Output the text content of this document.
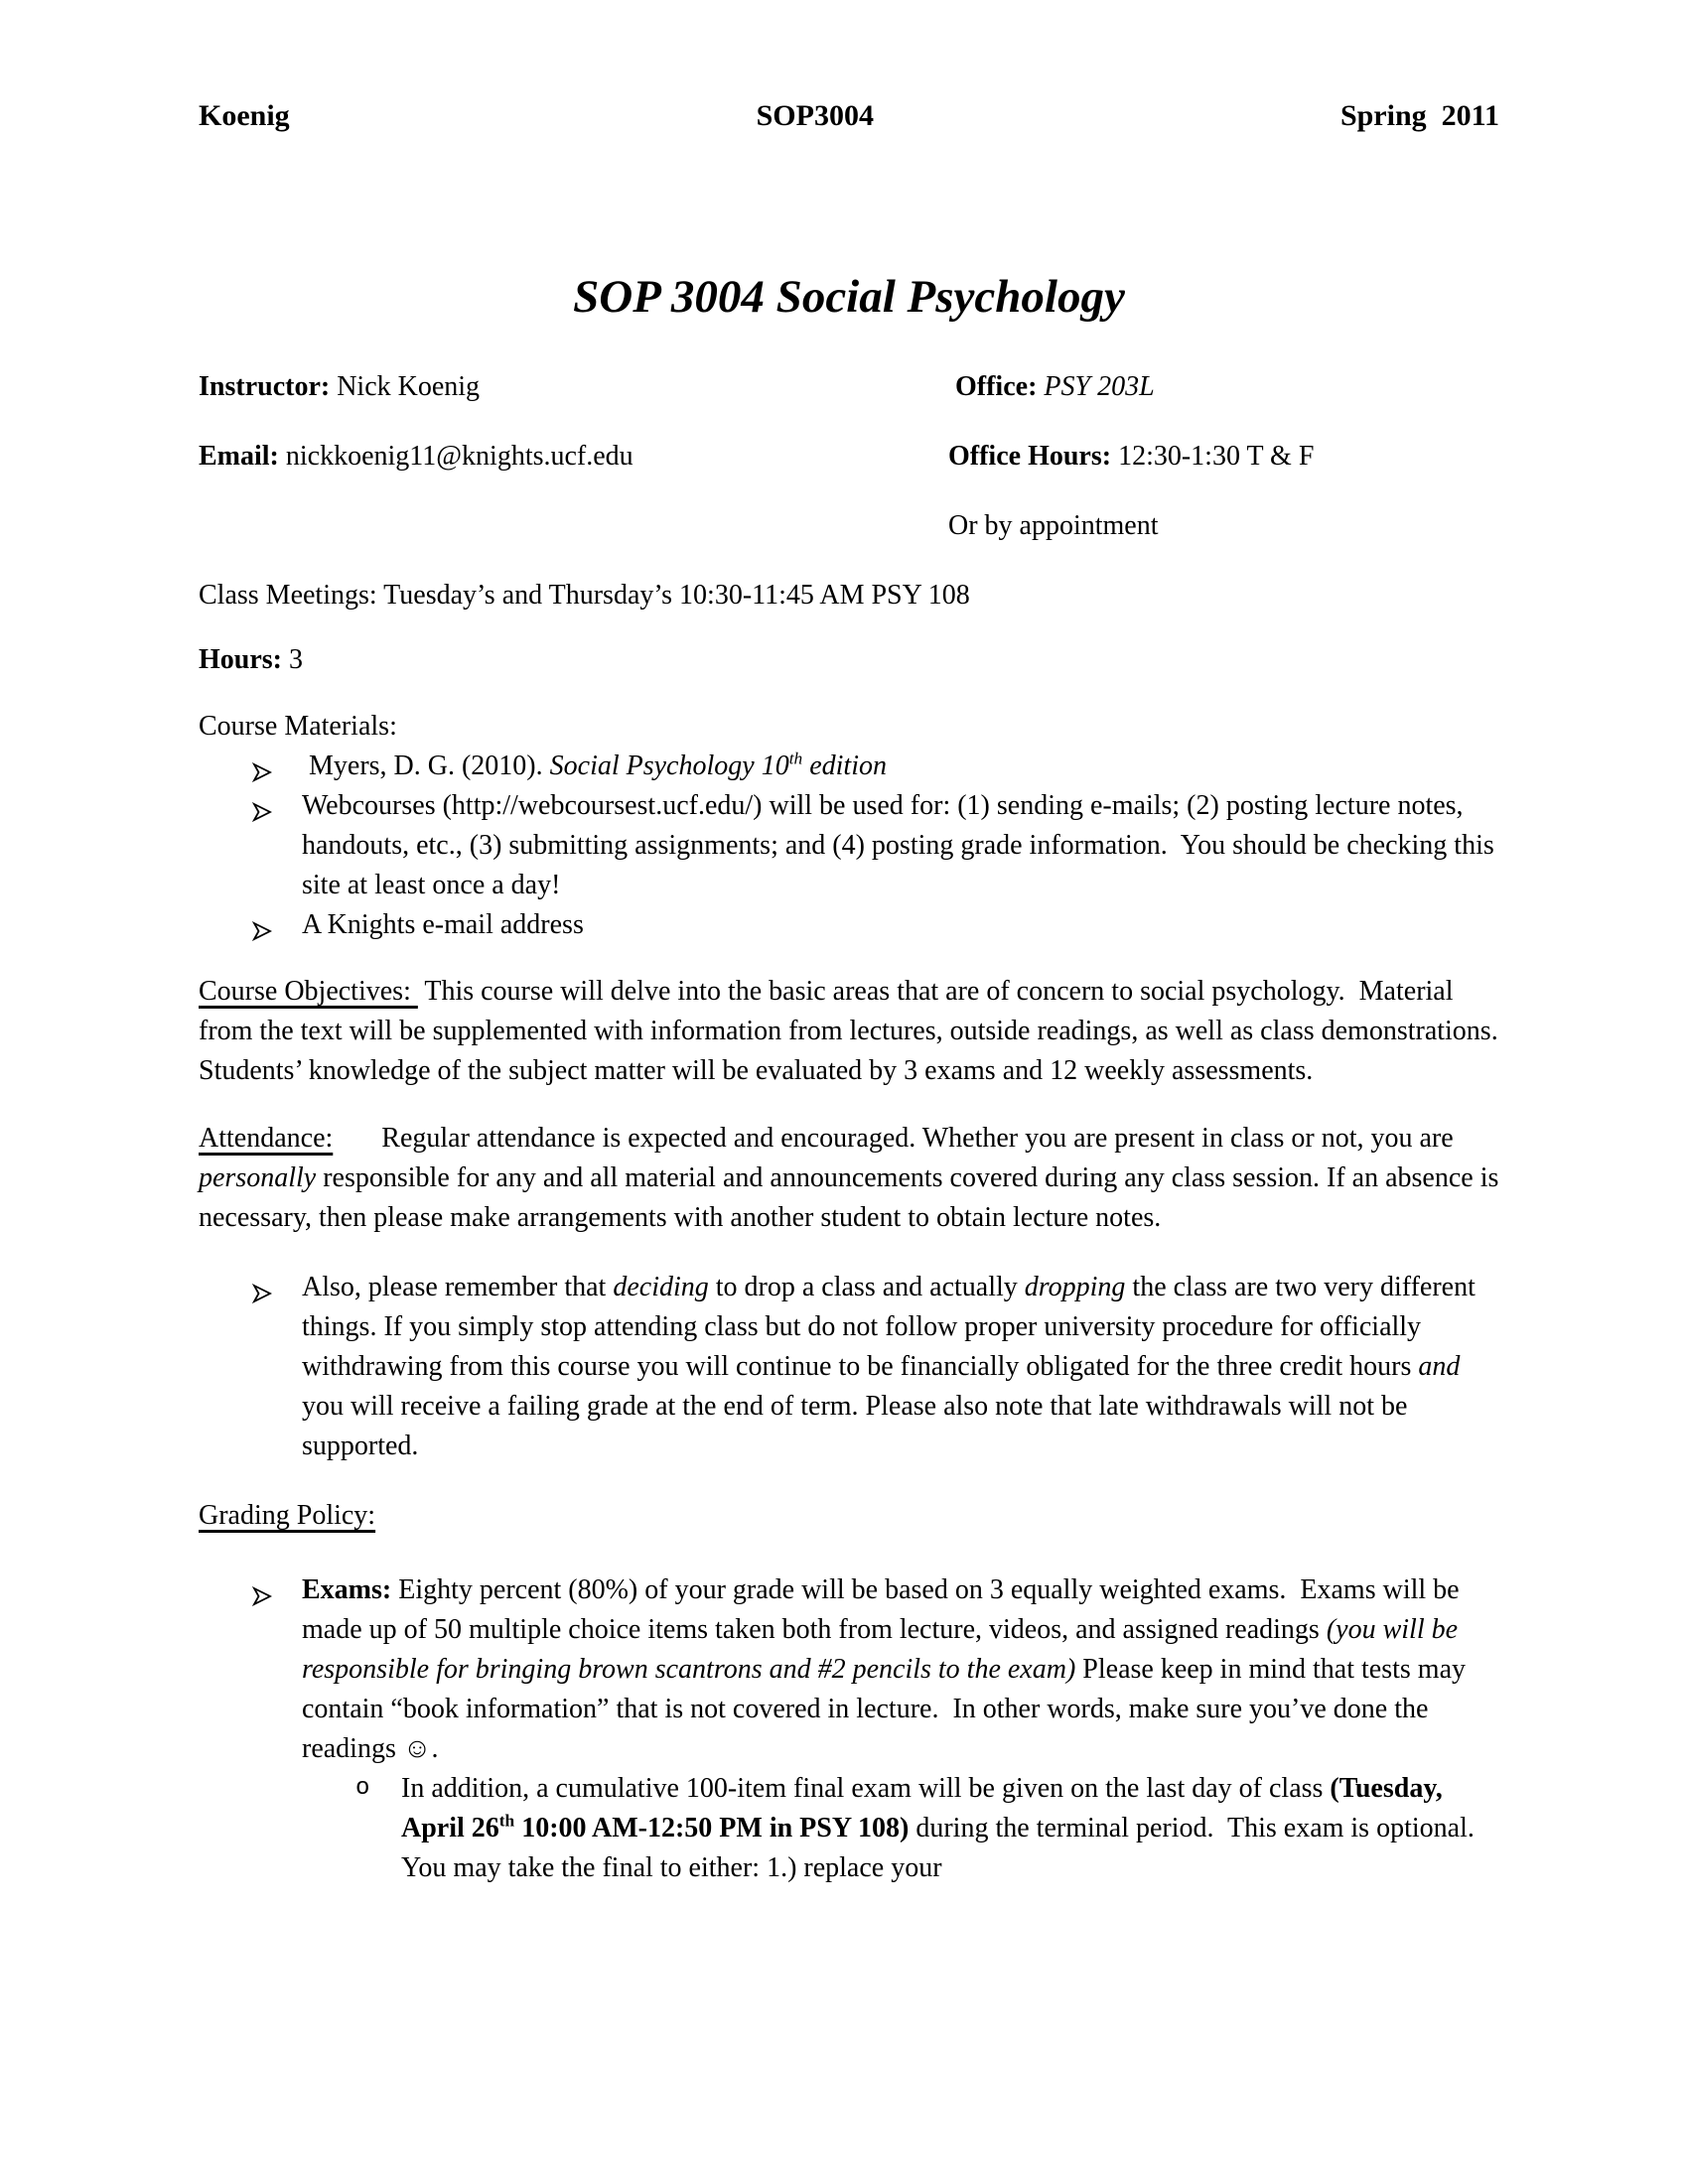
Koenig	SOP3004	Spring  2011
SOP 3004 Social Psychology

Instructor: Nick Koenig	Office: PSY 203L

Email: nickkoenig11@knights.ucf.edu	Office Hours: 12:30-1:30 T & F

Or by appointment

Class Meetings: Tuesday’s and Thursday’s 10:30-11:45 AM PSY 108

Hours: 3

Course Materials:

Myers, D. G. (2010). Social Psychology 10th edition

Webcourses (http://webcoursest.ucf.edu/) will be used for: (1) sending e-mails; (2) posting lecture notes, handouts, etc., (3) submitting assignments; and (4) posting grade information.  You should be checking this site at least once a day!

A Knights e-mail address

Course Objectives:  This course will delve into the basic areas that are of concern to social psychology.  Material from the text will be supplemented with information from lectures, outside readings, as well as class demonstrations.  Students’ knowledge of the subject matter will be evaluated by 3 exams and 12 weekly assessments.

Attendance:       Regular attendance is expected and encouraged. Whether you are present in class or not, you are personally responsible for any and all material and announcements covered during any class session. If an absence is necessary, then please make arrangements with another student to obtain lecture notes.

Also, please remember that deciding to drop a class and actually dropping the class are two very different things. If you simply stop attending class but do not follow proper university procedure for officially withdrawing from this course you will continue to be financially obligated for the three credit hours and you will receive a failing grade at the end of term. Please also note that late withdrawals will not be supported.

Grading Policy:

Exams: Eighty percent (80%) of your grade will be based on 3 equally weighted exams.  Exams will be made up of 50 multiple choice items taken both from lecture, videos, and assigned readings (you will be responsible for bringing brown scantrons and #2 pencils to the exam) Please keep in mind that tests may contain “book information” that is not covered in lecture.  In other words, make sure you’ve done the readings ☺.

o In addition, a cumulative 100-item final exam will be given on the last day of class (Tuesday, April 26th 10:00 AM-12:50 PM in PSY 108) during the terminal period.  This exam is optional.  You may take the final to either: 1.) replace your
